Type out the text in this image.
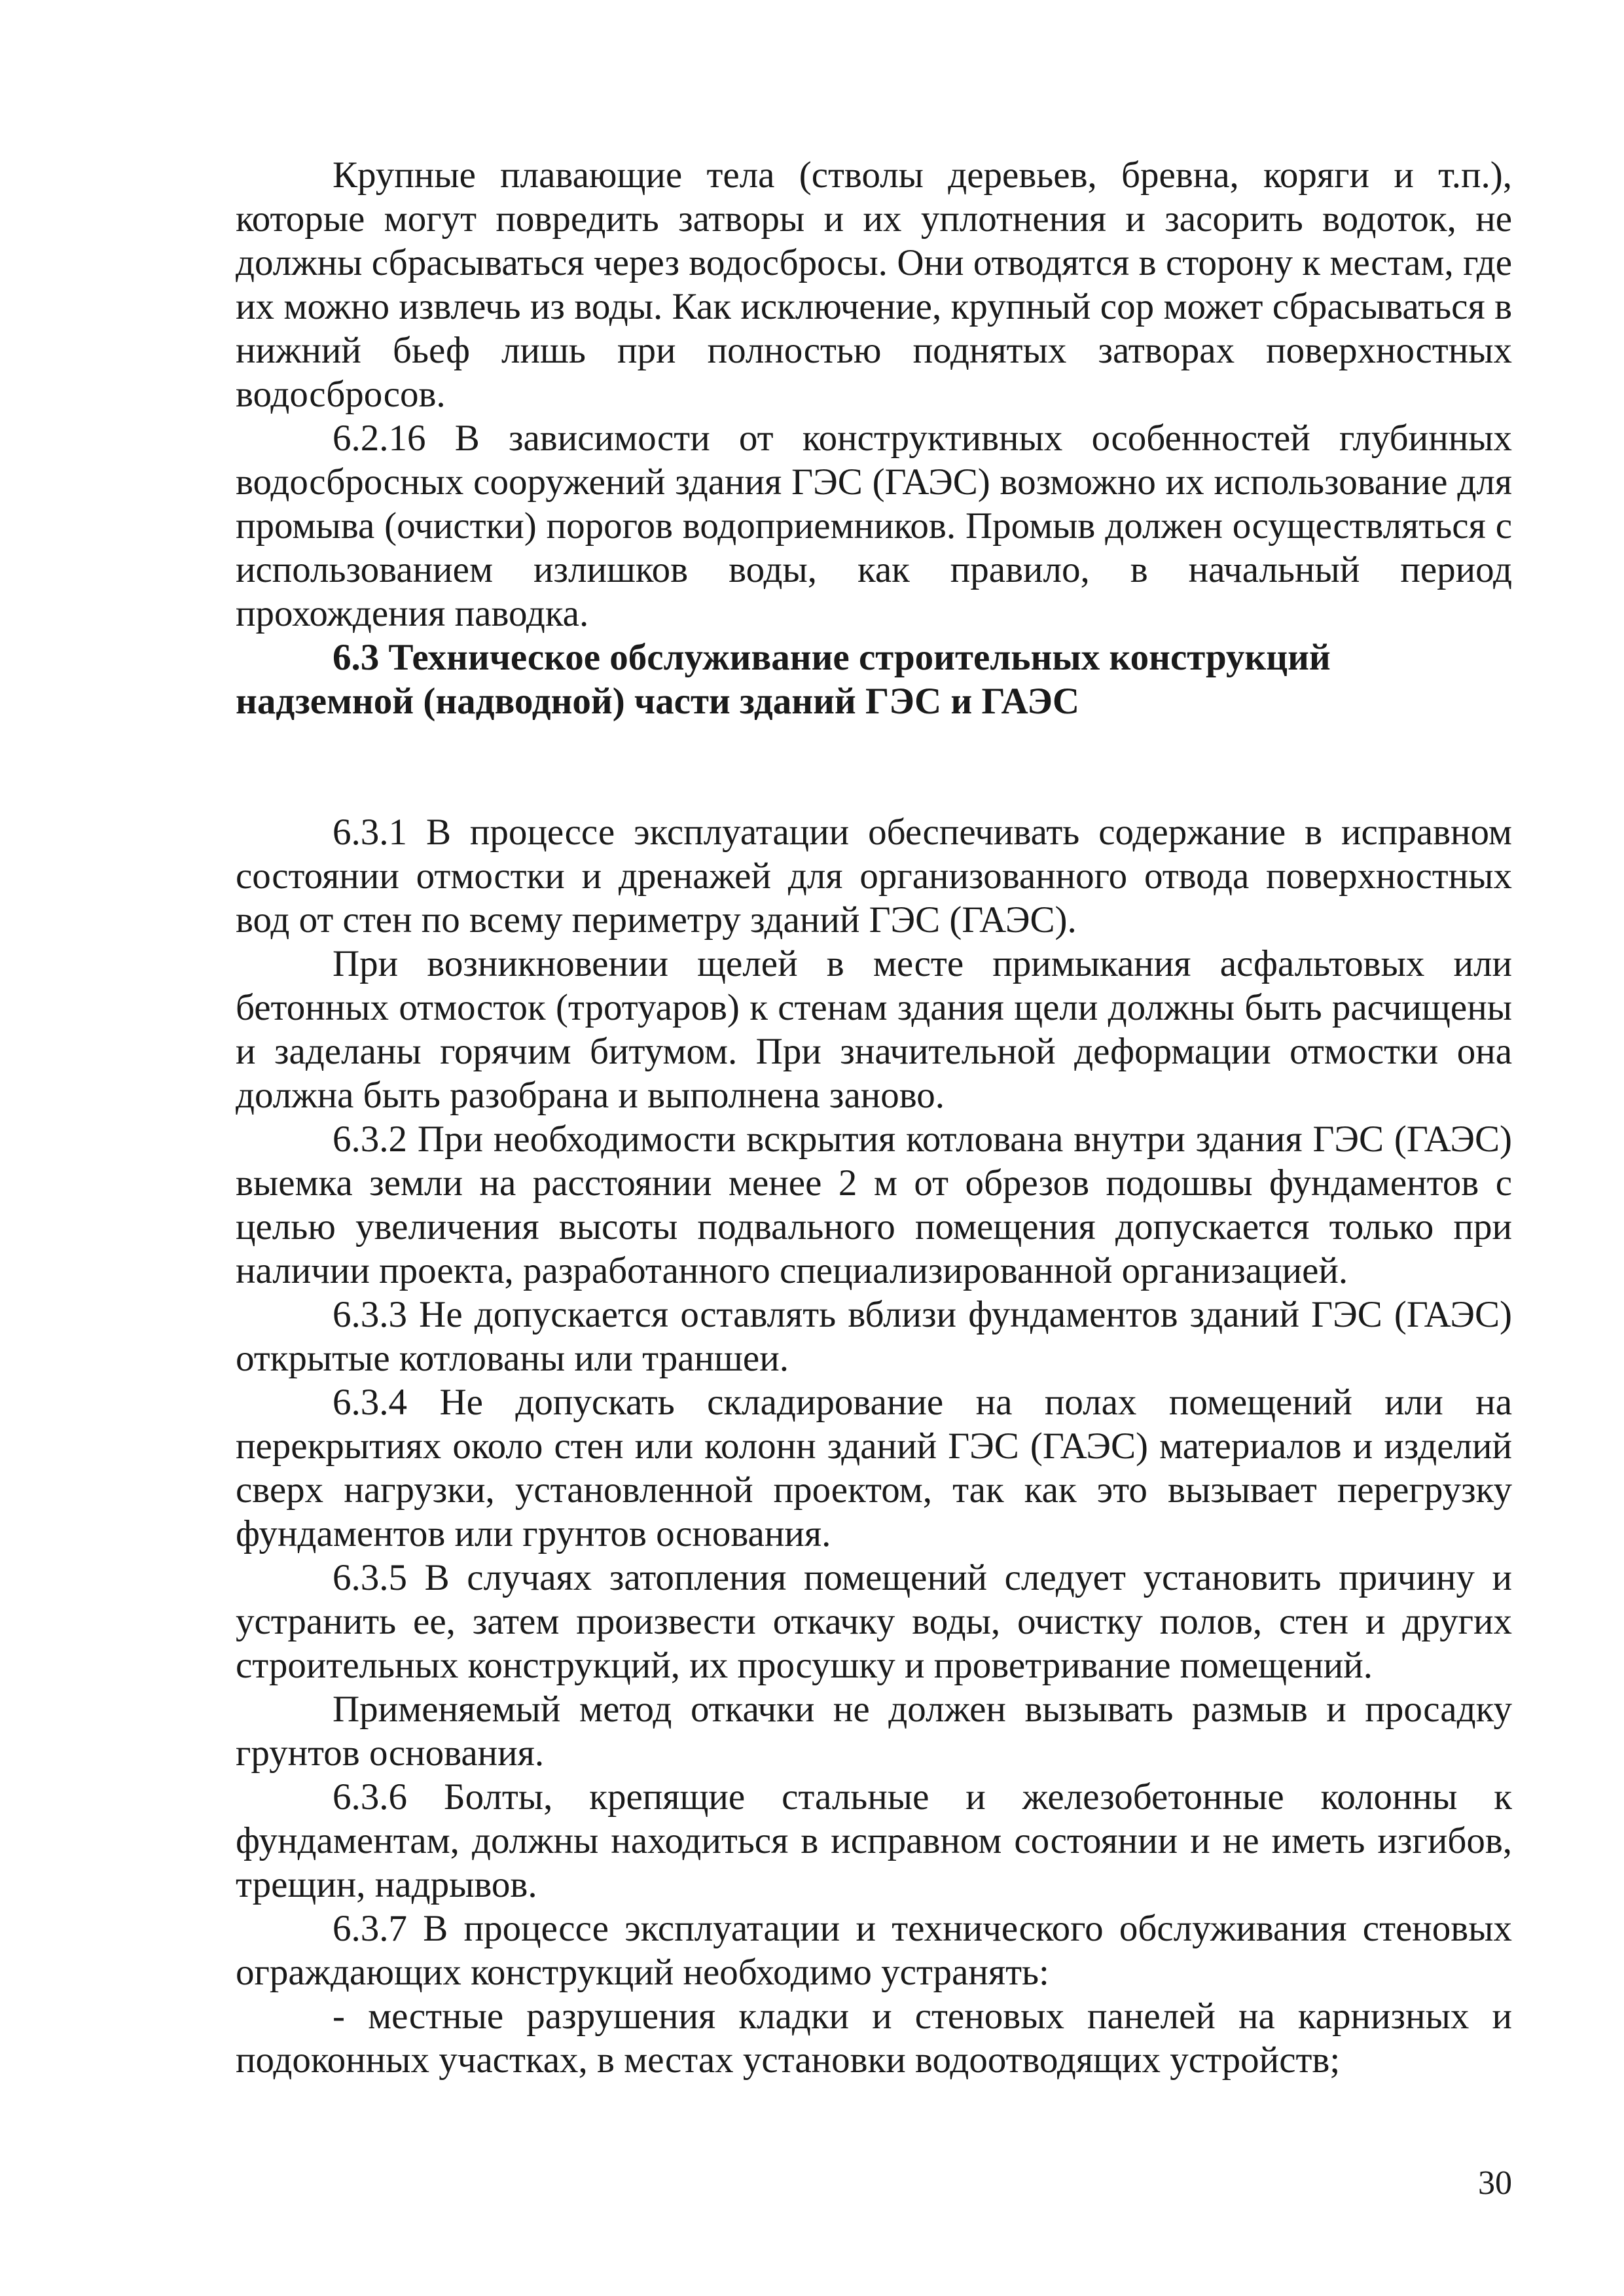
Крупные плавающие тела (стволы деревьев, бревна, коряги и т.п.), которые могут повредить затворы и их уплотнения и засорить водоток, не должны сбрасываться через водосбросы. Они отводятся в сторону к местам, где их можно извлечь из воды. Как исключение, крупный сор может сбрасываться в нижний бьеф лишь при полностью поднятых затворах поверхностных водосбросов.

6.2.16 В зависимости от конструктивных особенностей глубинных водосбросных сооружений здания ГЭС (ГАЭС) возможно их использование для промыва (очистки) порогов водоприемников. Промыв должен осуществляться с использованием излишков воды, как правило, в начальный период прохождения паводка.

6.3 Техническое обслуживание строительных конструкций
надземной (надводной) части зданий ГЭС и ГАЭС

6.3.1 В процессе эксплуатации обеспечивать содержание в исправном состоянии отмостки и дренажей для организованного отвода поверхностных вод от стен по всему периметру зданий ГЭС (ГАЭС).

При возникновении щелей в месте примыкания асфальтовых или бетонных отмосток (тротуаров) к стенам здания щели должны быть расчищены и заделаны горячим битумом. При значительной деформации отмостки она должна быть разобрана и выполнена заново.

6.3.2 При необходимости вскрытия котлована внутри здания ГЭС (ГАЭС) выемка земли на расстоянии менее 2 м от обрезов подошвы фундаментов с целью увеличения высоты подвального помещения допускается только при наличии проекта, разработанного специализированной организацией.

6.3.3 Не допускается оставлять вблизи фундаментов зданий ГЭС (ГАЭС) открытые котлованы или траншеи.

6.3.4 Не допускать складирование на полах помещений или на перекрытиях около стен или колонн зданий ГЭС (ГАЭС) материалов и изделий сверх нагрузки, установленной проектом, так как это вызывает перегрузку фундаментов или грунтов основания.

6.3.5 В случаях затопления помещений следует установить причину и устранить ее, затем произвести откачку воды, очистку полов, стен и других строительных конструкций, их просушку и проветривание помещений.

Применяемый метод откачки не должен вызывать размыв и просадку грунтов основания.

6.3.6 Болты, крепящие стальные и железобетонные колонны к фундаментам, должны находиться в исправном состоянии и не иметь изгибов, трещин, надрывов.

6.3.7 В процессе эксплуатации и технического обслуживания стеновых ограждающих конструкций необходимо устранять:

- местные разрушения кладки и стеновых панелей на карнизных и подоконных участках, в местах установки водоотводящих устройств;

30
